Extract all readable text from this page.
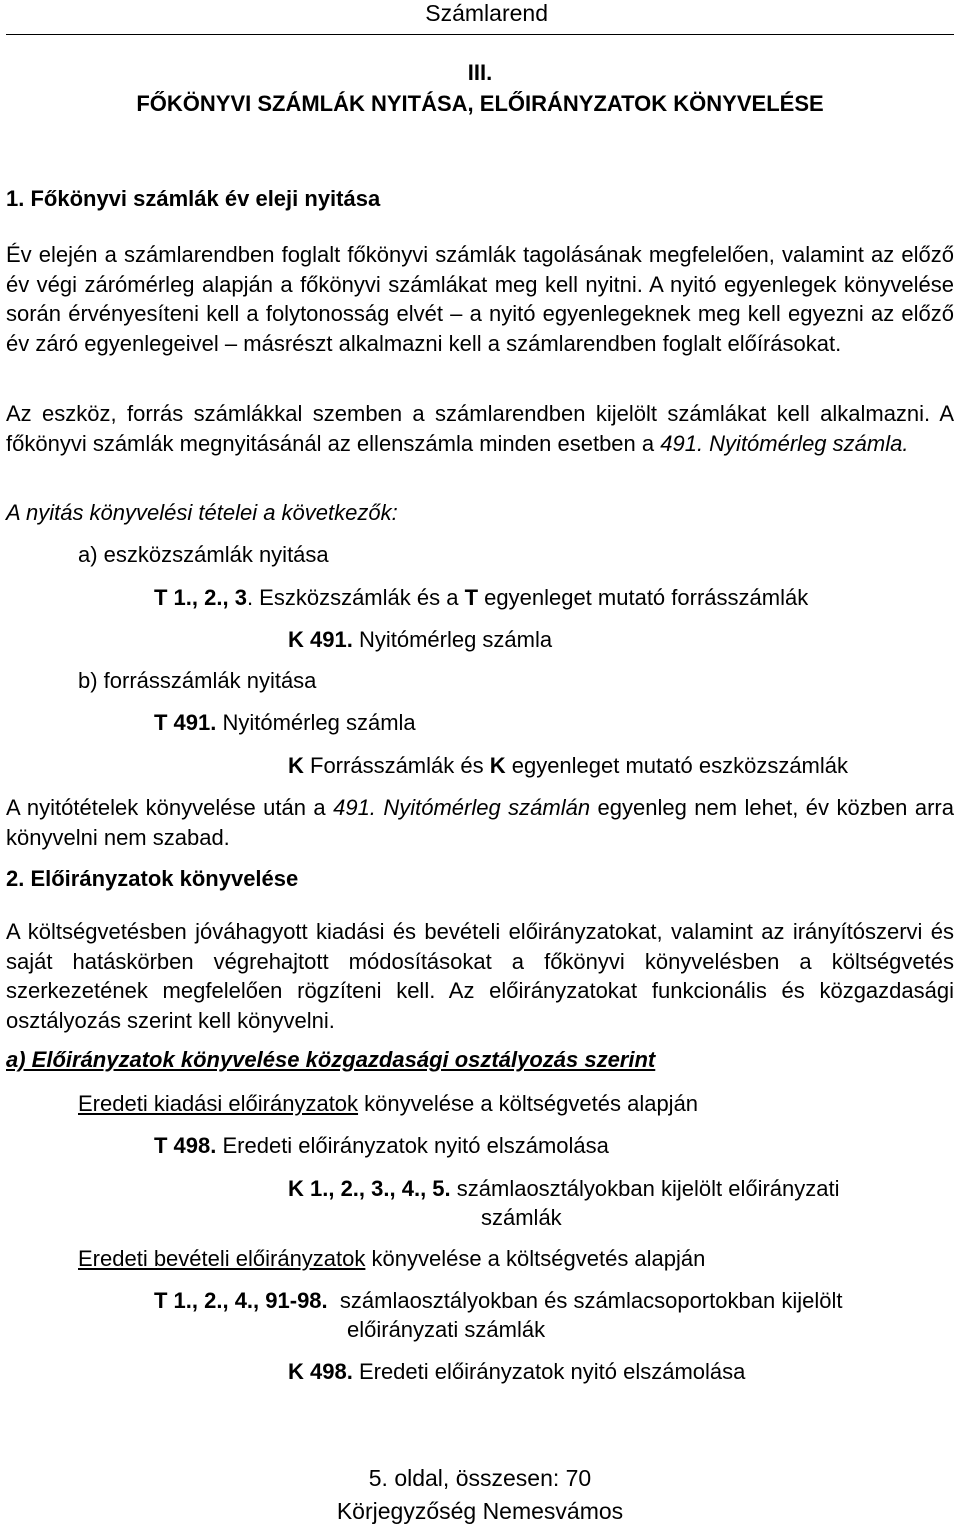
Számlarend
III.
FŐKÖNYVI SZÁMLÁK NYITÁSA, ELŐIRÁNYZATOK KÖNYVELÉSE
1. Főkönyvi számlák év eleji nyitása
Év elején a számlarendben foglalt főkönyvi számlák tagolásának megfelelően, valamint az előző év végi zárómérleg alapján a főkönyvi számlákat meg kell nyitni. A nyitó egyenlegek könyvelése során érvényesíteni kell a folytonosság elvét – a nyitó egyenlegeknek meg kell egyezni az előző év záró egyenlegeivel – másrészt alkalmazni kell a számlarendben foglalt előírásokat.
Az eszköz, forrás számlákkal szemben a számlarendben kijelölt számlákat kell alkalmazni. A főkönyvi számlák megnyitásánál az ellenszámla minden esetben a 491. Nyitómérleg számla.
A nyitás könyvelési tételei a következők:
a) eszközszámlák nyitása
T 1., 2., 3. Eszközszámlák és a T egyenleget mutató forrásszámlák
K 491. Nyitómérleg számla
b) forrásszámlák nyitása
T 491. Nyitómérleg számla
K Forrásszámlák és K egyenleget mutató eszközszámlák
A nyitótételek könyvelése után a 491. Nyitómérleg számlán egyenleg nem lehet, év közben arra könyvelni nem szabad.
2. Előirányzatok könyvelése
A költségvetésben jóváhagyott kiadási és bevételi előirányzatokat, valamint az irányítószervi és saját hatáskörben végrehajtott módosításokat a főkönyvi könyvelésben a költségvetés szerkezetének megfelelően rögzíteni kell. Az előirányzatokat funkcionális és közgazdasági osztályozás szerint kell könyvelni.
a) Előirányzatok könyvelése közgazdasági osztályozás szerint
Eredeti kiadási előirányzatok könyvelése a költségvetés alapján
T 498. Eredeti előirányzatok nyitó elszámolása
K 1., 2., 3., 4., 5. számlaosztályokban kijelölt előirányzati
számlák
Eredeti bevételi előirányzatok könyvelése a költségvetés alapján
T 1., 2., 4., 91-98.  számlaosztályokban és számlacsoportokban kijelölt
előirányzati számlák
K 498. Eredeti előirányzatok nyitó elszámolása
5. oldal, összesen: 70
Körjegyzőség Nemesvámos
